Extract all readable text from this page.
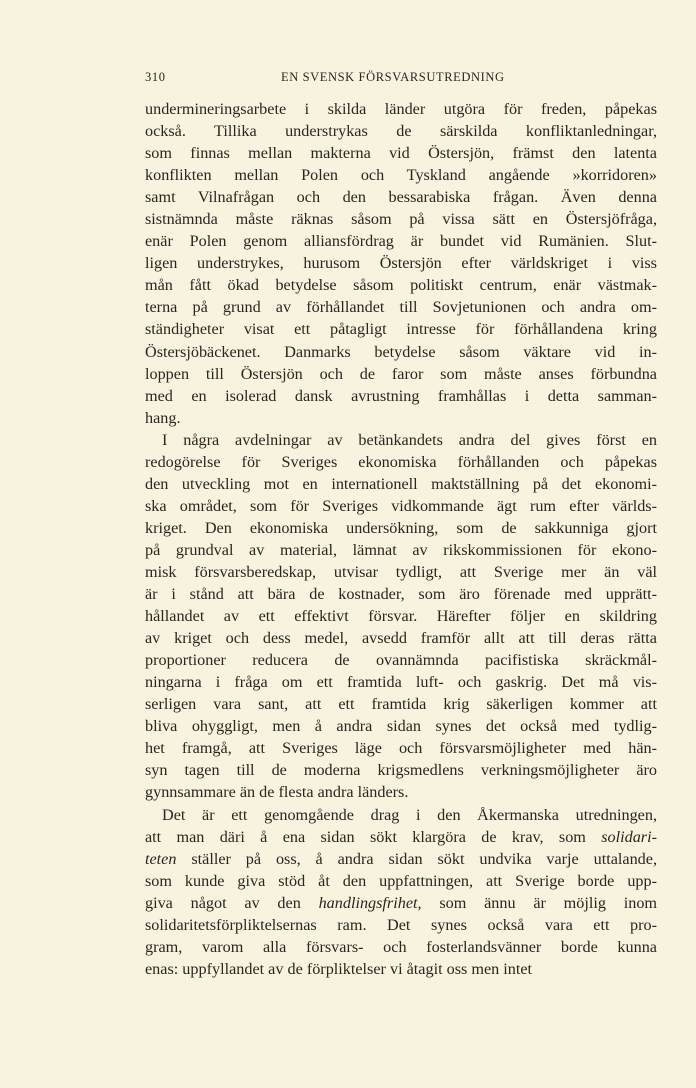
310	EN SVENSK FÖRSVARSUTREDNING
undermineringsarbete i skilda länder utgöra för freden, påpekas
också. Tillika understrykas de särskilda konfliktanledningar,
som finnas mellan makterna vid Östersjön, främst den latenta
konflikten mellan Polen och Tyskland angående »korridoren»
samt Vilnafrågan och den bessarabiska frågan. Även denna
sistnämnda måste räknas såsom på vissa sätt en Östersjöfråga,
enär Polen genom alliansfördrag är bundet vid Rumänien. Slut-
ligen understrykes, hurusom Östersjön efter världskriget i viss
mån fått ökad betydelse såsom politiskt centrum, enär västmak-
terna på grund av förhållandet till Sovjetunionen och andra om-
ständigheter visat ett påtagligt intresse för förhållandena kring
Östersjöbäckenet. Danmarks betydelse såsom väktare vid in-
loppen till Östersjön och de faror som måste anses förbundna
med en isolerad dansk avrustning framhållas i detta samman-
hang.
I några avdelningar av betänkandets andra del gives först en
redogörelse för Sveriges ekonomiska förhållanden och påpekas
den utveckling mot en internationell maktställning på det ekonomi-
ska området, som för Sveriges vidkommande ägt rum efter världs-
kriget. Den ekonomiska undersökning, som de sakkunniga gjort
på grundval av material, lämnat av rikskommissionen för ekono-
misk försvarsberedskap, utvisar tydligt, att Sverige mer än väl
är i stånd att bära de kostnader, som äro förenade med upprätt-
hållandet av ett effektivt försvar. Härefter följer en skildring
av kriget och dess medel, avsedd framför allt att till deras rätta
proportioner reducera de ovannämnda pacifistiska skräckmål-
ningarna i fråga om ett framtida luft- och gaskrig. Det må vis-
serligen vara sant, att ett framtida krig säkerligen kommer att
bliva ohyggligt, men å andra sidan synes det också med tydlig-
het framgå, att Sveriges läge och försvarsmöjligheter med hän-
syn tagen till de moderna krigsmedlens verkningsmöjligheter äro
gynnsammare än de flesta andra länders.
Det är ett genomgående drag i den Åkermanska utredningen,
att man däri å ena sidan sökt klargöra de krav, som solidari-
teten ställer på oss, å andra sidan sökt undvika varje uttalande,
som kunde giva stöd åt den uppfattningen, att Sverige borde upp-
giva något av den handlingsfrihet, som ännu är möjlig inom
solidaritetsförpliktelsernas ram. Det synes också vara ett pro-
gram, varom alla försvars- och fosterlandsvänner borde kunna
enas: uppfyllandet av de förpliktelser vi åtagit oss men intet
